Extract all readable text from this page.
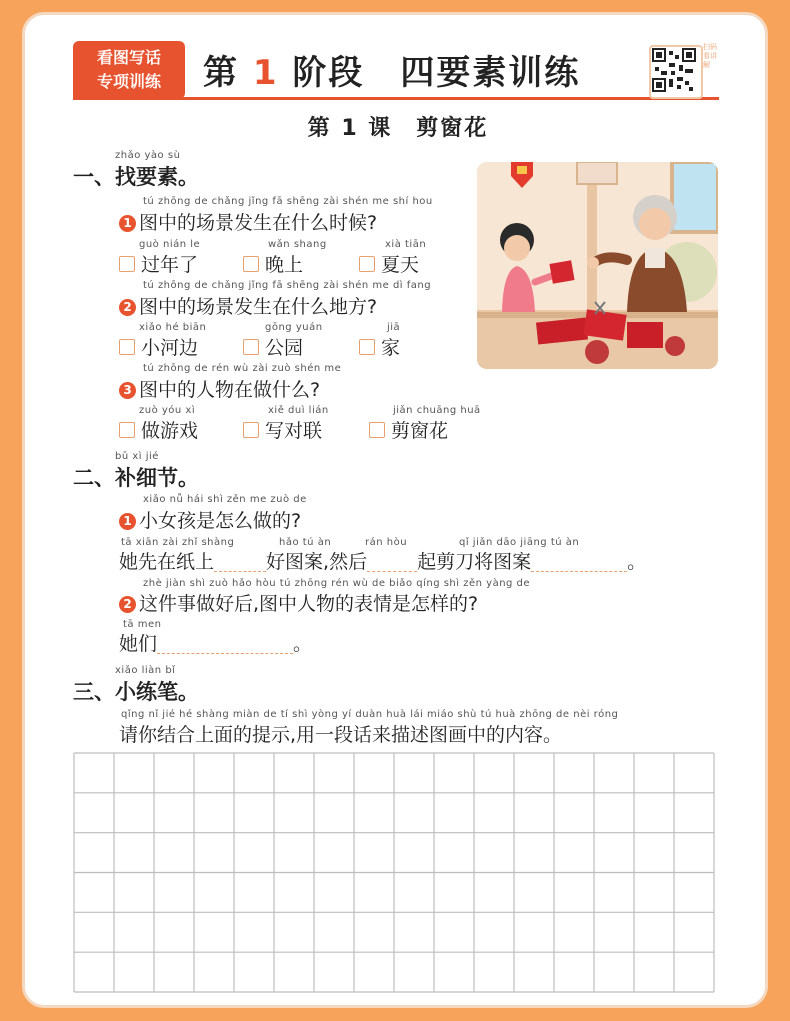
看图写话
专项训练	第 1 阶段　四要素训练
扫码看讲解
第 1 课　剪窗花
zhǎo yào sù
一、找要素。
tú zhōng de chǎng jǐng fā shēng zài shén me shí hou
1 图中的场景发生在什么时候?
guò nián le
过年了
wǎn shang
晚上
xià tiān
夏天
tú zhōng de chǎng jǐng fā shēng zài shén me dì fang
2 图中的场景发生在什么地方?
xiǎo hé biān
小河边
gōng yuán
公园
jiā
家
tú zhōng de rén wù zài zuò shén me
3 图中的人物在做什么?
zuò yóu xì
做游戏
xiě duì lián
写对联
jiǎn chuāng huā
剪窗花
bǔ xì jié
二、补细节。
xiǎo nǚ hái shì zěn me zuò de
1 小女孩是怎么做的?
tā xiān zài zhǐ shàng	hǎo tú àn	rán hòu	qǐ jiǎn dāo jiāng tú àn
她先在纸上	好图案,然后	起剪刀将图案	。
zhè jiàn shì zuò hǎo hòu tú zhōng rén wù de biǎo qíng shì zěn yàng de
2 这件事做好后,图中人物的表情是怎样的?
tā men
她们	。
xiǎo liàn bǐ
三、小练笔。
qǐng nǐ jié hé shàng miàn de tí shì yòng yí duàn huà lái miáo shù tú huà zhōng de nèi róng
请你结合上面的提示,用一段话来描述图画中的内容。
